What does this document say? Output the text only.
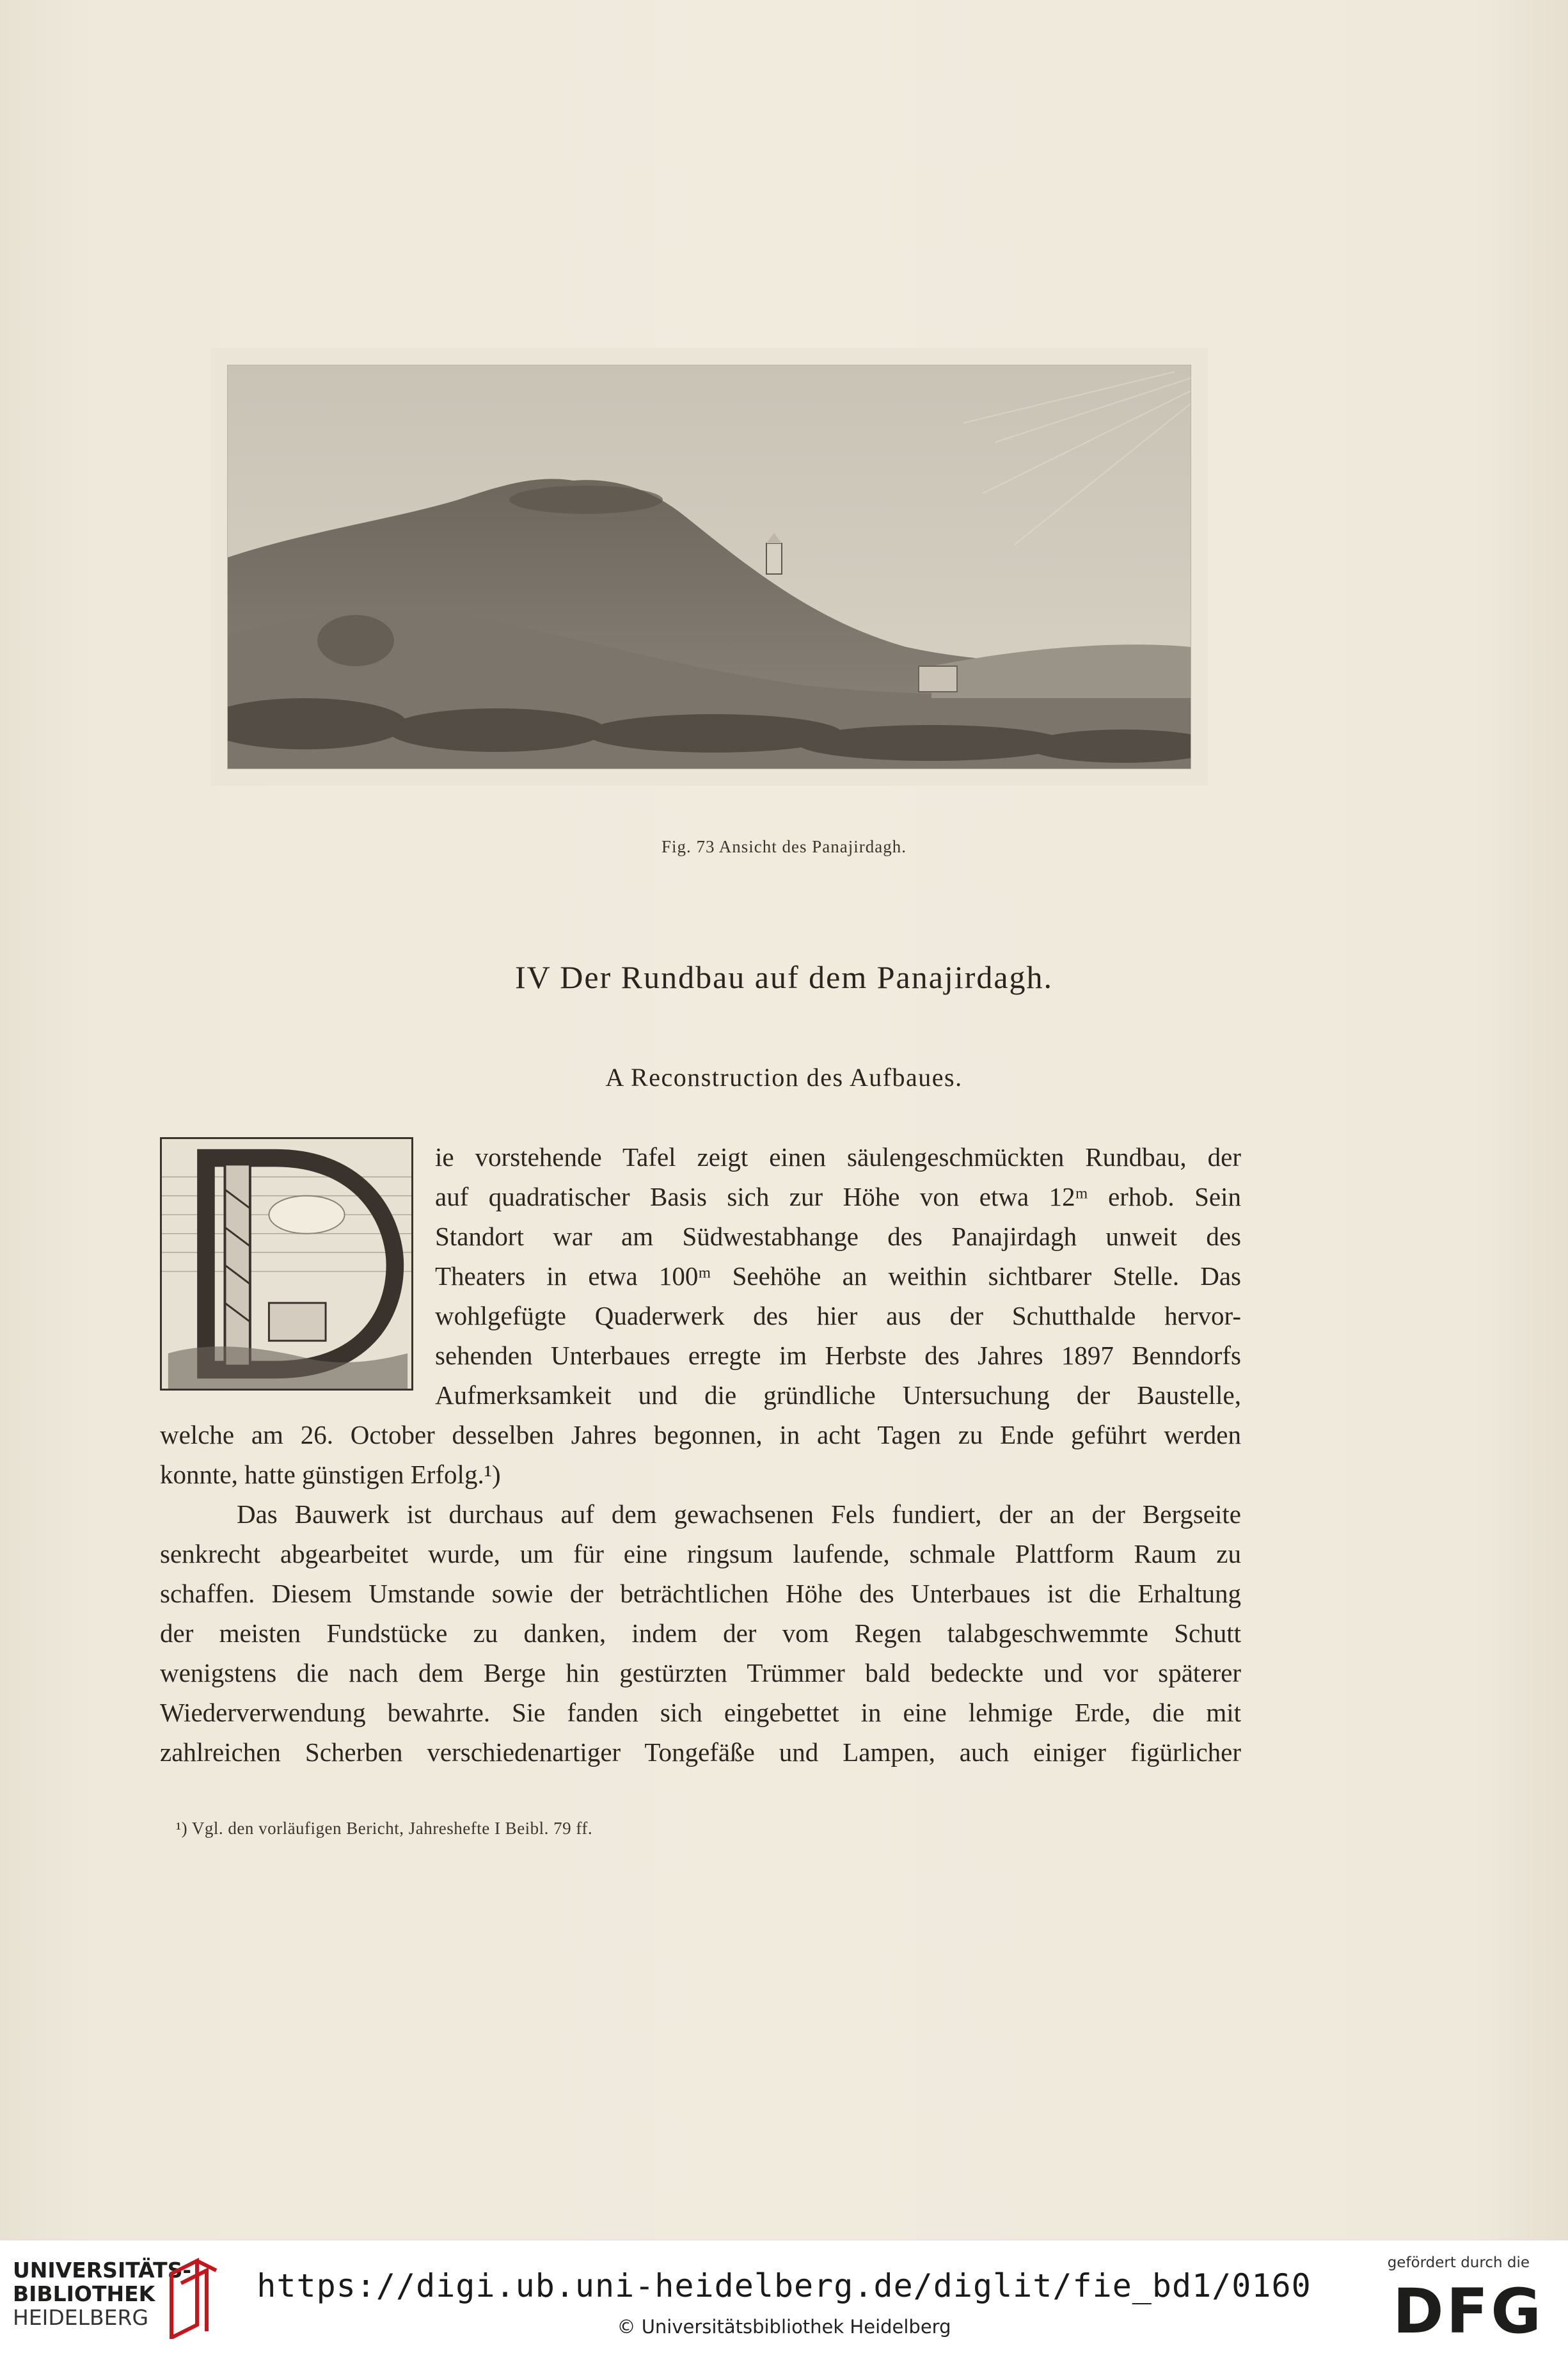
Fig. 73 Ansicht des Panajirdagh.
IV Der Rundbau auf dem Panajirdagh.
A Reconstruction des Aufbaues.
ie vorstehende Tafel zeigt einen säulengeschmückten Rundbau, der
auf quadratischer Basis sich zur Höhe von etwa 12ᵐ erhob. Sein
Standort war am Südwestabhange des Panajirdagh unweit des
Theaters in etwa 100ᵐ Seehöhe an weithin sichtbarer Stelle. Das
wohlgefügte Quaderwerk des hier aus der Schutthalde hervor-
sehenden Unterbaues erregte im Herbste des Jahres 1897 Benndorfs
Aufmerksamkeit und die gründliche Untersuchung der Baustelle,
welche am 26. October desselben Jahres begonnen, in acht Tagen zu Ende geführt werden
konnte, hatte günstigen Erfolg.¹)
Das Bauwerk ist durchaus auf dem gewachsenen Fels fundiert, der an der Bergseite
senkrecht abgearbeitet wurde, um für eine ringsum laufende, schmale Plattform Raum zu
schaffen. Diesem Umstande sowie der beträchtlichen Höhe des Unterbaues ist die Erhaltung
der meisten Fundstücke zu danken, indem der vom Regen talabgeschwemmte Schutt
wenigstens die nach dem Berge hin gestürzten Trümmer bald bedeckte und vor späterer
Wiederverwendung bewahrte. Sie fanden sich eingebettet in eine lehmige Erde, die mit
zahlreichen Scherben verschiedenartiger Tongefäße und Lampen, auch einiger figürlicher
¹) Vgl. den vorläufigen Bericht, Jahreshefte I Beibl. 79 ff.
UNIVERSITÄTS-
BIBLIOTHEK
HEIDELBERG
https://digi.ub.uni-heidelberg.de/diglit/fie_bd1/0160
© Universitätsbibliothek Heidelberg
gefördert durch die
DFG
